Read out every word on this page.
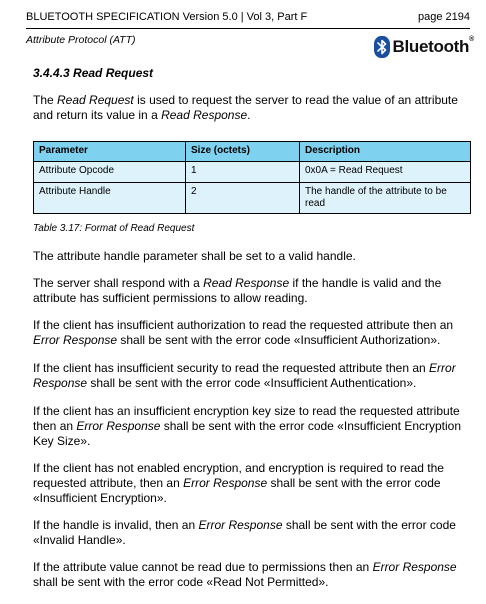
BLUETOOTH SPECIFICATION Version 5.0 | Vol 3, Part F	page 2194
Attribute Protocol (ATT)	Bluetooth®
3.4.4.3 Read Request

The Read Request is used to request the server to read the value of an attribute and return its value in a Read Response.

Parameter	Size (octets)	Description
Attribute Opcode	1	0x0A = Read Request
Attribute Handle	2	The handle of the attribute to be read
Table 3.17: Format of Read Request

The attribute handle parameter shall be set to a valid handle.

The server shall respond with a Read Response if the handle is valid and the attribute has sufficient permissions to allow reading.

If the client has insufficient authorization to read the requested attribute then an Error Response shall be sent with the error code «Insufficient Authorization».

If the client has insufficient security to read the requested attribute then an Error Response shall be sent with the error code «Insufficient Authentication».

If the client has an insufficient encryption key size to read the requested attribute then an Error Response shall be sent with the error code «Insufficient Encryption Key Size».

If the client has not enabled encryption, and encryption is required to read the requested attribute, then an Error Response shall be sent with the error code «Insufficient Encryption».

If the handle is invalid, then an Error Response shall be sent with the error code «Invalid Handle».

If the attribute value cannot be read due to permissions then an Error Response shall be sent with the error code «Read Not Permitted».
